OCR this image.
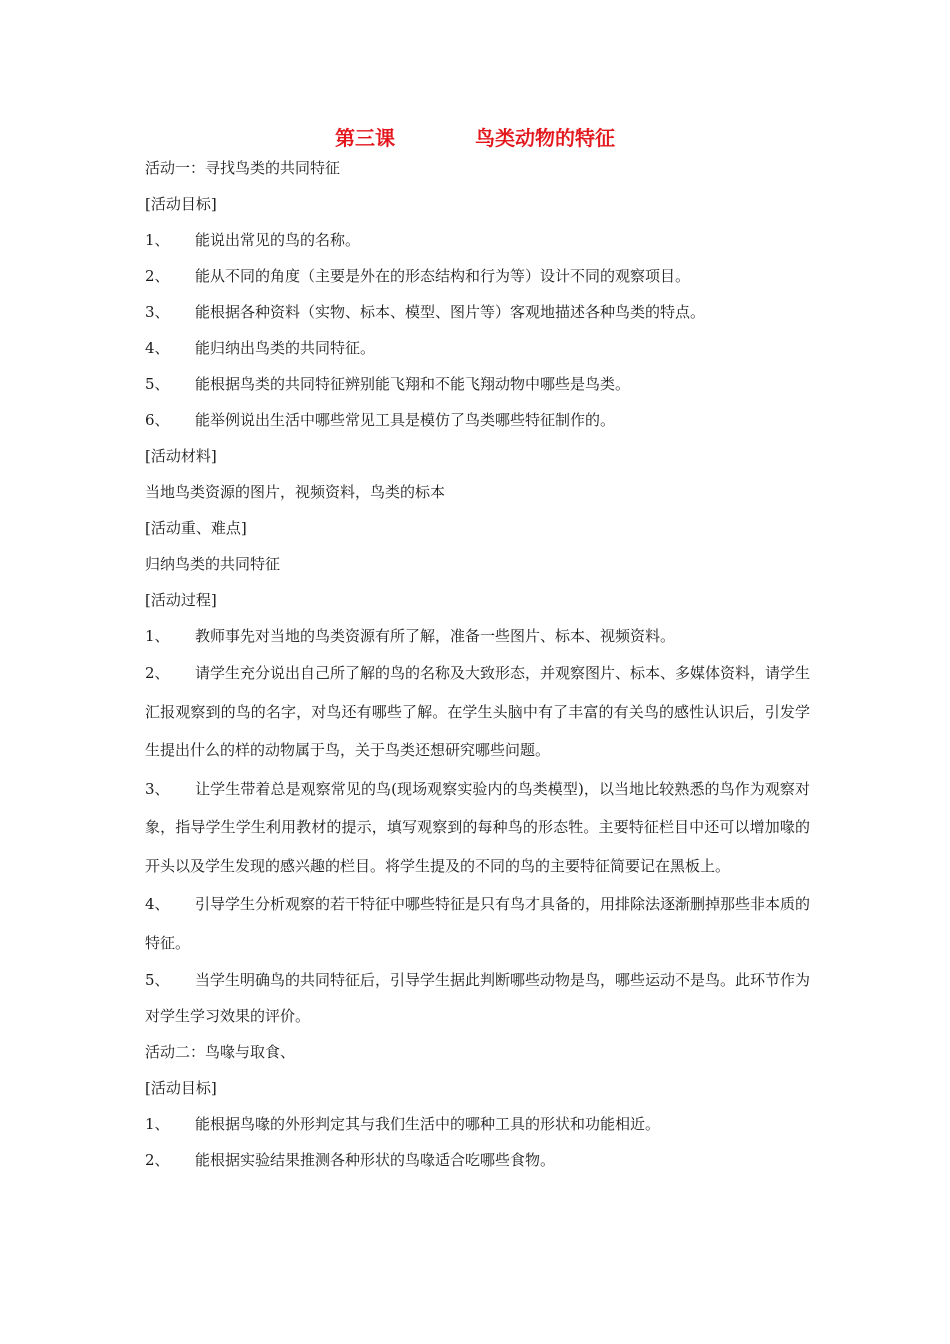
第三课	鸟类动物的特征
活动一：寻找鸟类的共同特征
[活动目标]
1、 能说出常见的鸟的名称。
2、 能从不同的角度（主要是外在的形态结构和行为等）设计不同的观察项目。
3、 能根据各种资料（实物、标本、模型、图片等）客观地描述各种鸟类的特点。
4、 能归纳出鸟类的共同特征。
5、 能根据鸟类的共同特征辨别能飞翔和不能飞翔动物中哪些是鸟类。
6、 能举例说出生活中哪些常见工具是模仿了鸟类哪些特征制作的。
[活动材料]
当地鸟类资源的图片，视频资料，鸟类的标本
[活动重、难点]
归纳鸟类的共同特征
[活动过程]
1、 教师事先对当地的鸟类资源有所了解，准备一些图片、标本、视频资料。
2、 请学生充分说出自己所了解的鸟的名称及大致形态，并观察图片、标本、多媒体资料，请学生汇报观察到的鸟的名字，对鸟还有哪些了解。在学生头脑中有了丰富的有关鸟的感性认识后，引发学生提出什么的样的动物属于鸟，关于鸟类还想研究哪些问题。
3、 让学生带着总是观察常见的鸟(现场观察实验内的鸟类模型)，以当地比较熟悉的鸟作为观察对象，指导学生学生利用教材的提示，填写观察到的每种鸟的形态牲。主要特征栏目中还可以增加喙的开头以及学生发现的感兴趣的栏目。将学生提及的不同的鸟的主要特征简要记在黑板上。
4、 引导学生分析观察的若干特征中哪些特征是只有鸟才具备的，用排除法逐渐删掉那些非本质的特征。
5、 当学生明确鸟的共同特征后，引导学生据此判断哪些动物是鸟，哪些运动不是鸟。此环节作为对学生学习效果的评价。
活动二：鸟喙与取食、
[活动目标]
1、 能根据鸟喙的外形判定其与我们生活中的哪种工具的形状和功能相近。
2、 能根据实验结果推测各种形状的鸟喙适合吃哪些食物。
